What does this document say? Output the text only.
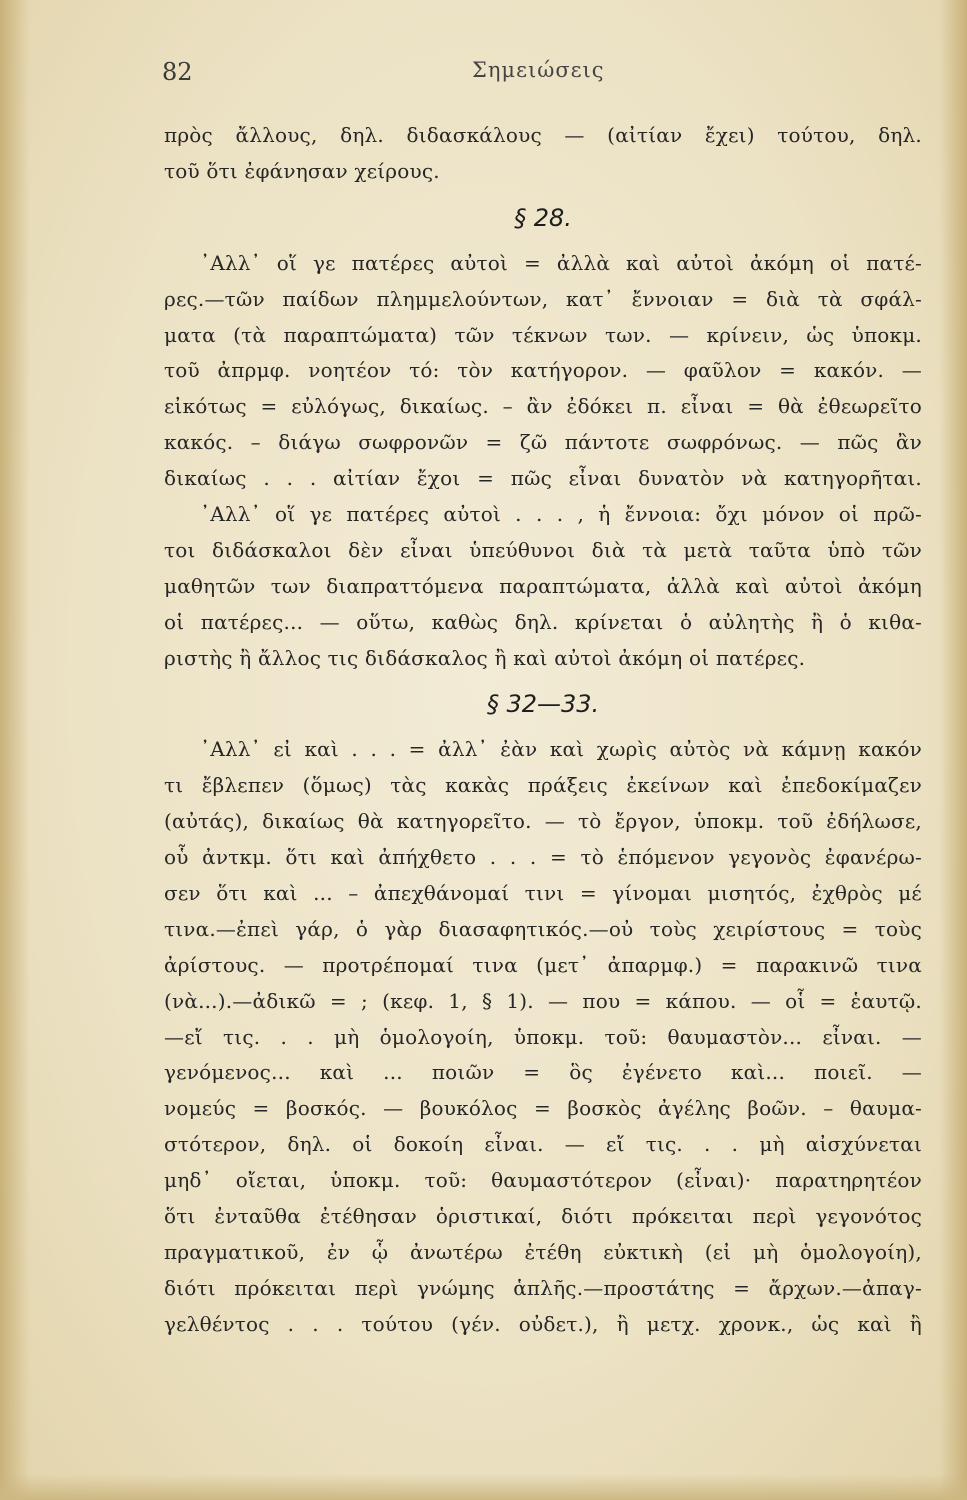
82	Σημειώσεις
πρὸς ἄλλους, δηλ. διδασκάλους — (αἰτίαν ἔχει) τούτου, δηλ.
τοῦ ὅτι ἐφάνησαν χείρους.
§ 28.
᾿Αλλ᾿ οἵ γε πατέρες αὐτοὶ = ἀλλὰ καὶ αὐτοὶ ἀκόμη οἱ πατέ-
ρες.—τῶν παίδων πλημμελούντων, κατ᾿ ἔννοιαν = διὰ τὰ σφάλ-
ματα (τὰ παραπτώματα) τῶν τέκνων των. — κρίνειν, ὡς ὑποκμ.
τοῦ ἀπρμφ. νοητέον τό: τὸν κατήγορον. — φαῦλον = κακόν. —
εἰκότως = εὐλόγως, δικαίως. – ἂν ἐδόκει π. εἶναι = θὰ ἐθεωρεῖτο
κακός. – διάγω σωφρονῶν = ζῶ πάντοτε σωφρόνως. — πῶς ἂν
δικαίως . . . αἰτίαν ἔχοι = πῶς εἶναι δυνατὸν νὰ κατηγορῆται.
᾿Αλλ᾿ οἵ γε πατέρες αὐτοὶ . . . , ἡ ἔννοια: ὄχι μόνον οἱ πρῶ-
τοι διδάσκαλοι δὲν εἶναι ὑπεύθυνοι διὰ τὰ μετὰ ταῦτα ὑπὸ τῶν
μαθητῶν των διαπραττόμενα παραπτώματα, ἀλλὰ καὶ αὐτοὶ ἀκόμη
οἱ πατέρες... — οὕτω, καθὼς δηλ. κρίνεται ὁ αὐλητὴς ἢ ὁ κιθα-
ριστὴς ἢ ἄλλος τις διδάσκαλος ἢ καὶ αὐτοὶ ἀκόμη οἱ πατέρες.
§ 32—33.
᾿Αλλ᾿ εἰ καὶ . . . = ἀλλ᾿ ἐὰν καὶ χωρὶς αὐτὸς νὰ κάμνῃ κακόν
τι ἔβλεπεν (ὅμως) τὰς κακὰς πράξεις ἐκείνων καὶ ἐπεδοκίμαζεν
(αὐτάς), δικαίως θὰ κατηγορεῖτο. — τὸ ἔργον, ὑποκμ. τοῦ ἐδήλωσε,
οὗ ἀντκμ. ὅτι καὶ ἀπήχθετο . . . = τὸ ἑπόμενον γεγονὸς ἐφανέρω-
σεν ὅτι καὶ ... – ἀπεχθάνομαί τινι = γίνομαι μισητός, ἐχθρὸς μέ
τινα.—ἐπεὶ γάρ, ὁ γὰρ διασαφητικός.—οὐ τοὺς χειρίστους = τοὺς
ἀρίστους. — προτρέπομαί τινα (μετ᾿ ἀπαρμφ.) = παρακινῶ τινα
(νὰ...).—ἀδικῶ = ; (κεφ. 1, § 1). — που = κάπου. — οἷ = ἑαυτῷ.
—εἴ τις. . . μὴ ὁμολογοίη, ὑποκμ. τοῦ: θαυμαστὸν... εἶναι. —
γενόμενος... καὶ ... ποιῶν = ὃς ἐγένετο καὶ... ποιεῖ. —
νομεύς = βοσκός. — βουκόλος = βοσκὸς ἀγέλης βοῶν. – θαυμα-
στότερον, δηλ. οἱ δοκοίη εἶναι. — εἴ τις. . . μὴ αἰσχύνεται
μηδ᾿ οἴεται, ὑποκμ. τοῦ: θαυμαστότερον (εἶναι)· παρατηρητέον
ὅτι ἐνταῦθα ἐτέθησαν ὁριστικαί, διότι πρόκειται περὶ γεγονότος
πραγματικοῦ, ἐν ᾧ ἀνωτέρω ἐτέθη εὐκτικὴ (εἰ μὴ ὁμολογοίη),
διότι πρόκειται περὶ γνώμης ἁπλῆς.—προστάτης = ἄρχων.—ἀπαγ-
γελθέντος . . . τούτου (γέν. οὐδετ.), ἢ μετχ. χρονκ., ὡς καὶ ἢ
